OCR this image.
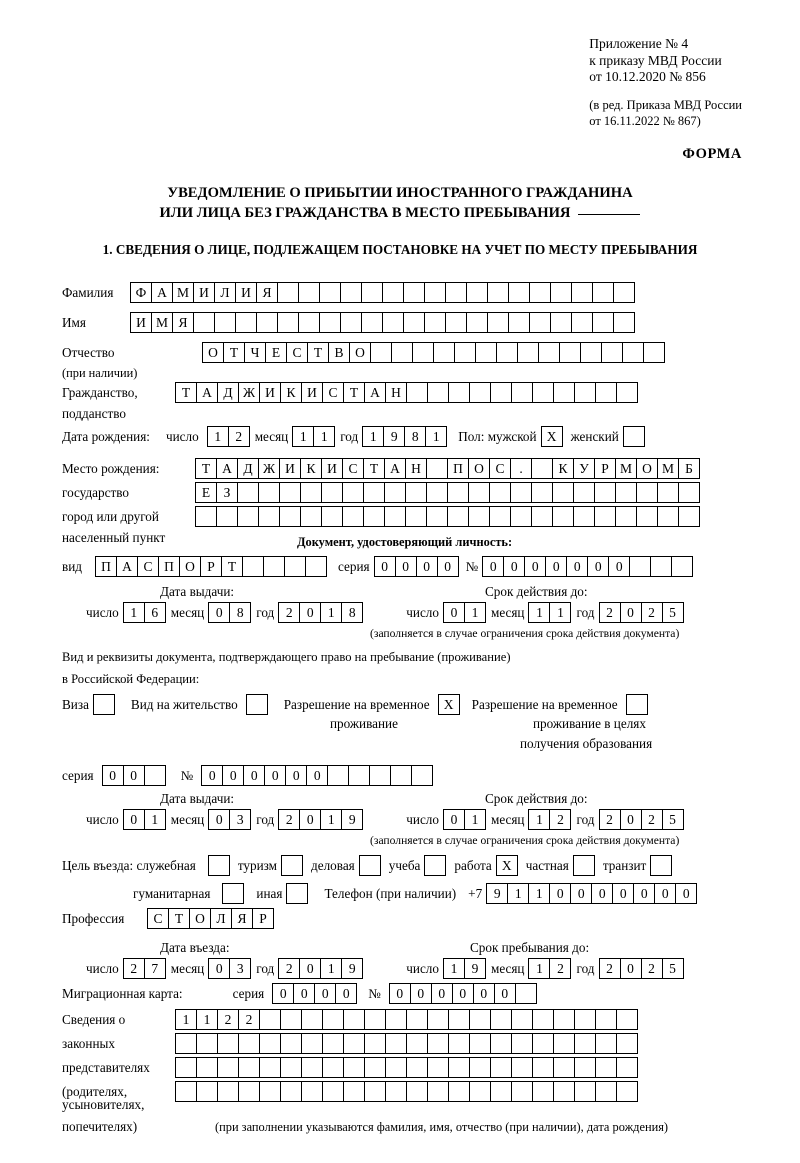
Приложение № 4
к приказу МВД России
от 10.12.2020 № 856
(в ред. Приказа МВД России
от 16.11.2022 № 867)
ФОРМА
УВЕДОМЛЕНИЕ О ПРИБЫТИИ ИНОСТРАННОГО ГРАЖДАНИНА
ИЛИ ЛИЦА БЕЗ ГРАЖДАНСТВА В МЕСТО ПРЕБЫВАНИЯ
1. СВЕДЕНИЯ О ЛИЦЕ, ПОДЛЕЖАЩЕМ ПОСТАНОВКЕ НА УЧЕТ ПО МЕСТУ ПРЕБЫВАНИЯ
Фамилия	Ф А М И Л И Я
Имя	И М Я
Отчество	О Т Ч Е С Т В О
(при наличии)
Гражданство,	Т А Д Ж И К И С Т А Н
подданство
Дата рождения: число	1	2 месяц 1	1 год 1	9	8	1	Пол: мужской X	женский
Место рождения:	Т А Д Ж И К И С Т А Н	П О С	.	К У Р М О М Б
государство	Е З
город или другой
населенный пункт	Документ, удостоверяющий личность:
вид	П А С П О Р Т	серия 0	0	0	0	№ 0	0	0	0	0	0	0
Дата выдачи:	Срок действия до:
число 1	6 месяц 0	8 год 2	0	1	8	число 0	1 месяц 1	1 год 2	0	2	5
(заполняется в случае ограничения срока действия документа)
Вид и реквизиты документа, подтверждающего право на пребывание (проживание)
в Российской Федерации:
Виза	Вид на жительство	Разрешение на временное	X	Разрешение на временное
проживание	проживание в целях
получения образования
серия	0	0	№	0	0	0	0	0	0
Дата выдачи:	Срок действия до:
число 0	1 месяц 0	3 год 2	0	1	9	число 0	1 месяц 1	2 год 2	0	2	5
(заполняется в случае ограничения срока действия документа)
Цель въезда: служебная	туризм	деловая	учеба	работа X	частная	транзит
гуманитарная	иная	Телефон (при наличии) +7 9	1	1	0	0	0	0	0	0	0
Профессия	С Т О Л Я Р
Дата въезда:	Срок пребывания до:
число 2	7 месяц 0	3 год 2	0	1	9	число 1	9 месяц 1	2 год 2	0	2	5
Миграционная карта:	серия	0	0	0	0	№	0	0	0	0	0	0
Сведения о	1	1	2	2
законных
представителях
(родителях,
усыновителях,
попечителях)	(при заполнении указываются фамилия, имя, отчество (при наличии), дата рождения)
